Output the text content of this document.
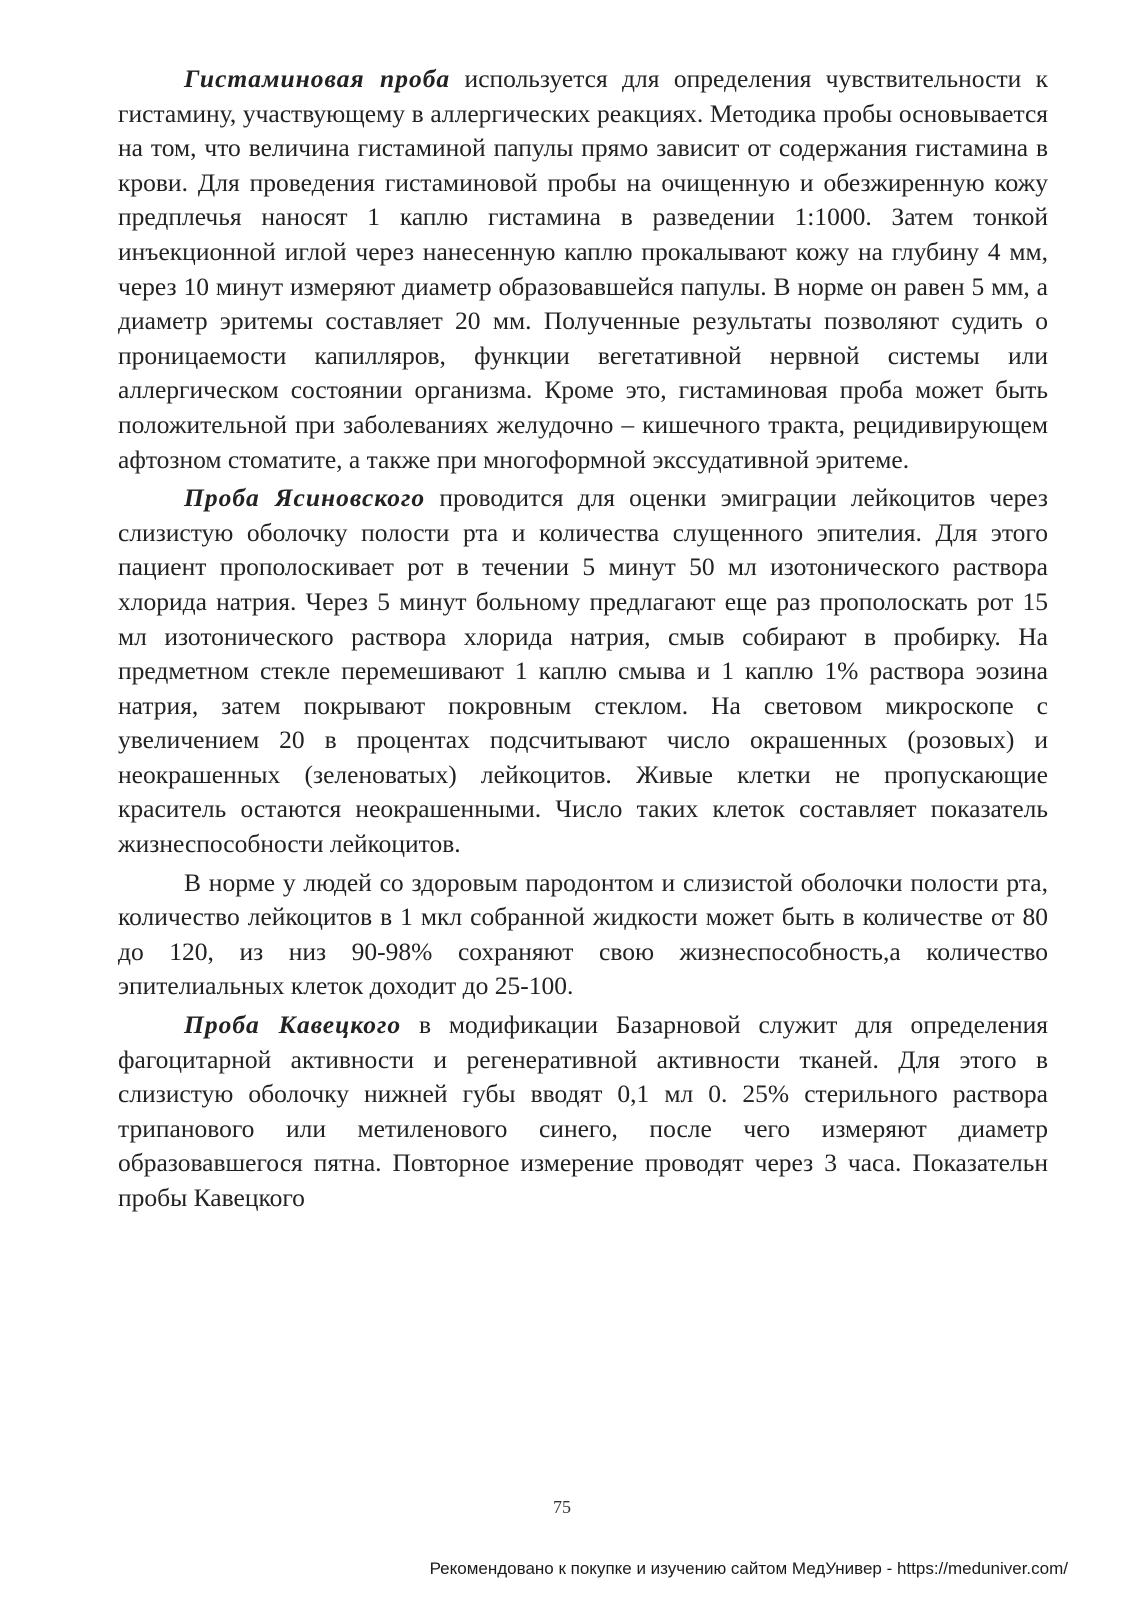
Гистаминовая проба используется для определения чувствительности к гистамину, участвующему в аллергических реакциях. Методика пробы основывается на том, что величина гистаминой папулы прямо зависит от содержания гистамина в крови. Для проведения гистаминовой пробы на очищенную и обезжиренную кожу предплечья наносят 1 каплю гистамина в разведении 1:1000. Затем тонкой инъекционной иглой через нанесенную каплю прокалывают кожу на глубину 4 мм, через 10 минут измеряют диаметр образовавшейся папулы. В норме он равен 5 мм, а диаметр эритемы составляет 20 мм. Полученные результаты позволяют судить о проницаемости капилляров, функции вегетативной нервной системы или аллергическом состоянии организма. Кроме это, гистаминовая проба может быть положительной при заболеваниях желудочно – кишечного тракта, рецидивирующем афтозном стоматите, а также при многоформной экссудативной эритеме.

Проба Ясиновского проводится для оценки эмиграции лейкоцитов через слизистую оболочку полости рта и количества слущенного эпителия. Для этого пациент прополоскивает рот в течении 5 минут 50 мл изотонического раствора хлорида натрия. Через 5 минут больному предлагают еще раз прополоскать рот 15 мл изотонического раствора хлорида натрия, смыв собирают в пробирку. На предметном стекле перемешивают 1 каплю смыва и 1 каплю 1% раствора эозина натрия, затем покрывают покровным стеклом. На световом микроскопе с увеличением 20 в процентах подсчитывают число окрашенных (розовых) и неокрашенных (зеленоватых) лейкоцитов. Живые клетки не пропускающие краситель остаются неокрашенными. Число таких клеток составляет показатель жизнеспособности лейкоцитов.

В норме у людей со здоровым пародонтом и слизистой оболочки полости рта, количество лейкоцитов в 1 мкл собранной жидкости может быть в количестве от 80 до 120, из низ 90-98% сохраняют свою жизнеспособность,а количество эпителиальных клеток доходит до 25-100.

Проба Кавецкого в модификации Базарновой служит для определения фагоцитарной активности и регенеративной активности тканей. Для этого в слизистую оболочку нижней губы вводят 0,1 мл 0. 25% стерильного раствора трипанового или метиленового синего, после чего измеряют диаметр образовавшегося пятна. Повторное измерение проводят через 3 часа. Показательн пробы Кавецкого

75
Рекомендовано к покупке и изучению сайтом МедУнивер - https://meduniver.com/
